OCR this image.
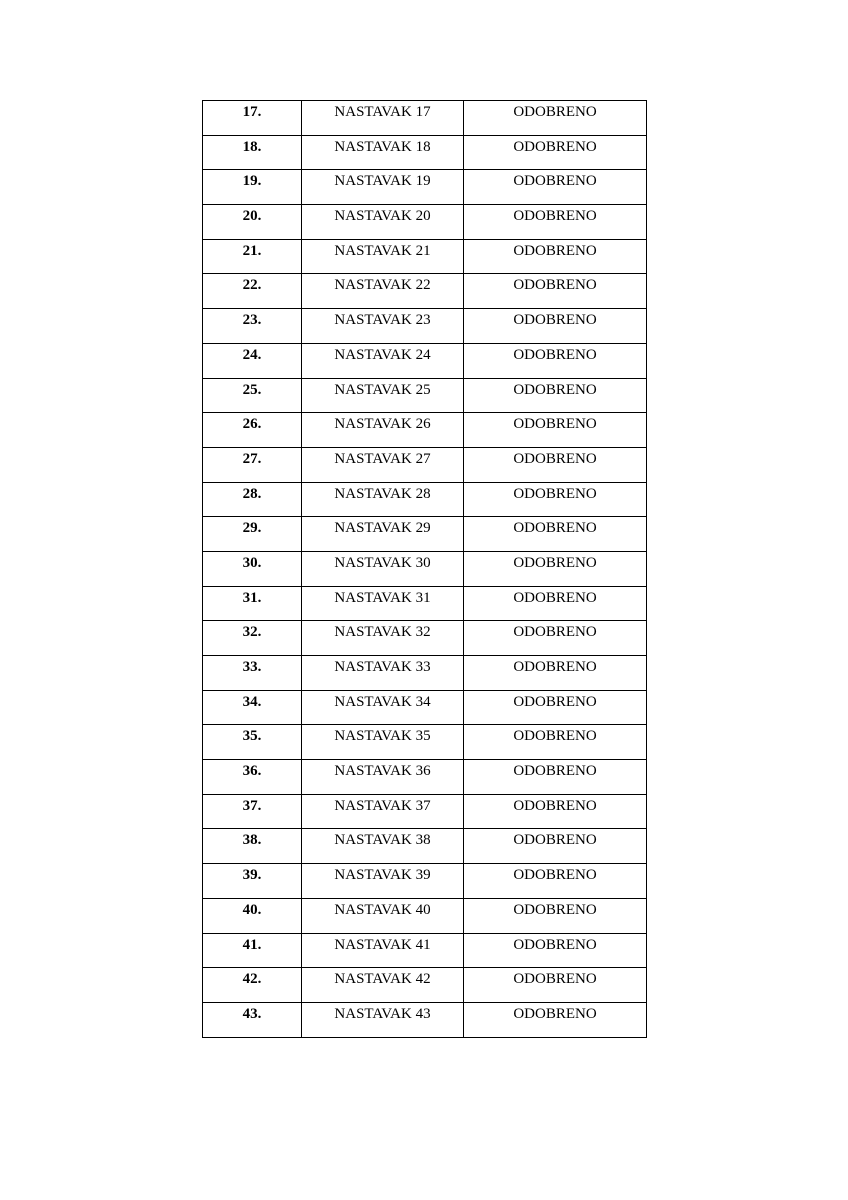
17.	NASTAVAK 17	ODOBRENO
18.	NASTAVAK 18	ODOBRENO
19.	NASTAVAK 19	ODOBRENO
20.	NASTAVAK 20	ODOBRENO
21.	NASTAVAK 21	ODOBRENO
22.	NASTAVAK 22	ODOBRENO
23.	NASTAVAK 23	ODOBRENO
24.	NASTAVAK 24	ODOBRENO
25.	NASTAVAK 25	ODOBRENO
26.	NASTAVAK 26	ODOBRENO
27.	NASTAVAK 27	ODOBRENO
28.	NASTAVAK 28	ODOBRENO
29.	NASTAVAK 29	ODOBRENO
30.	NASTAVAK 30	ODOBRENO
31.	NASTAVAK 31	ODOBRENO
32.	NASTAVAK 32	ODOBRENO
33.	NASTAVAK 33	ODOBRENO
34.	NASTAVAK 34	ODOBRENO
35.	NASTAVAK 35	ODOBRENO
36.	NASTAVAK 36	ODOBRENO
37.	NASTAVAK 37	ODOBRENO
38.	NASTAVAK 38	ODOBRENO
39.	NASTAVAK 39	ODOBRENO
40.	NASTAVAK 40	ODOBRENO
41.	NASTAVAK 41	ODOBRENO
42.	NASTAVAK 42	ODOBRENO
43.	NASTAVAK 43	ODOBRENO
